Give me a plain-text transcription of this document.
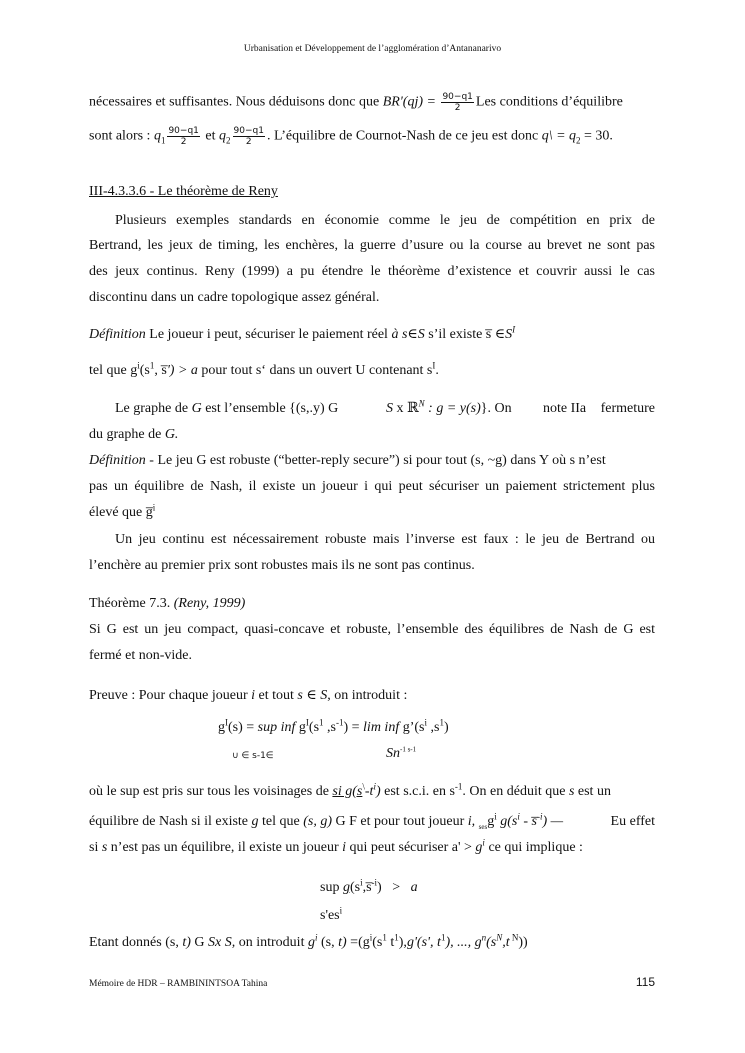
Urbanisation et Développement de l’agglomération d’Antananarivo
nécessaires et suffisantes. Nous déduisons donc que $BR'(qj) = \frac{90-q1}{2}$ Les conditions d’équilibre
sont alors : $q_1 \frac{90-q1}{2}$ et $q_2 \frac{90-q1}{2}$ . L’équilibre de Cournot-Nash de ce jeu est donc q\ = $q_2 = 30$.
III-4.3.3.6 - Le théorème de Reny
Plusieurs exemples standards en économie comme le jeu de compétition en prix de
Bertrand, les jeux de timing, les enchères, la guerre d’usure ou la course au brevet ne sont pas
des jeux continus. Reny (1999) a pu étendre le théorème d’existence et couvrir aussi le cas
discontinu dans un cadre topologique assez général.
Définition Le joueur i peut, sécuriser le paiement réel à s∈S s’il existe s̅ $\in S^I$
tel que $g^i(s^1$, s̅') > a pour tout s‘ dans un ouvert U contenant $s^I$.
Le graphe de G est l’ensemble {(s,.y) G	S x ℝ$^N$ : g = y(s)}. On	note IIa	fermeture
du graphe de G.
Définition - Le jeu G est robuste (“better-reply secure”) si pour tout (s, ~g) dans Y où s n’est
pas un équilibre de Nash, il existe un joueur i qui peut sécuriser un paiement strictement plus
élevé que g̅$^i$
Un jeu continu est nécessairement robuste mais l’inverse est faux : le jeu de Bertrand ou
l’enchère au premier prix sont robustes mais ils ne sont pas continus.
Théorème 7.3. (Reny, 1999)
Si G est un jeu compact, quasi-concave et robuste, l’ensemble des équilibres de Nash de G est
fermé et non-vide.
Preuve : Pour chaque joueur i et tout s ∈ S, on introduit :
$g^I(s)$ = sup inf $g^I(s^1$ $,s^{-1}) = \lim$ inf $g’(s^i$ $,s^1$)
∪ ∈ s-1∈	$Sn^{-1 s-1}$
où le sup est pris sur tous les voisinages de si $g(s^\backslash-t^i)$ est s.c.i. en $s^{-1}$. On en déduit que s est un
équilibre de Nash si il existe g tel que (s, g) G F et pour tout joueur i, $_{ses}g^i$ $g(s^i$ - s̅$^{-i}$) —	Eu effet
si s n’est pas un équilibre, il existe un joueur i qui peut sécuriser $a' > g^i$ ce qui implique :
sup $g(s^i,s̅^{-i}) > a$
$s'es^i$
Etant donnés (s, t) G Sx S, on introduit $g^i$ (s, $t) =(g^i(s^1$ $t^1),g'(s'$, $t^1$), ..., $g^n(s^N,t$ $^N$))
Mémoire de HDR – RAMBININTSOA Tahina	115
